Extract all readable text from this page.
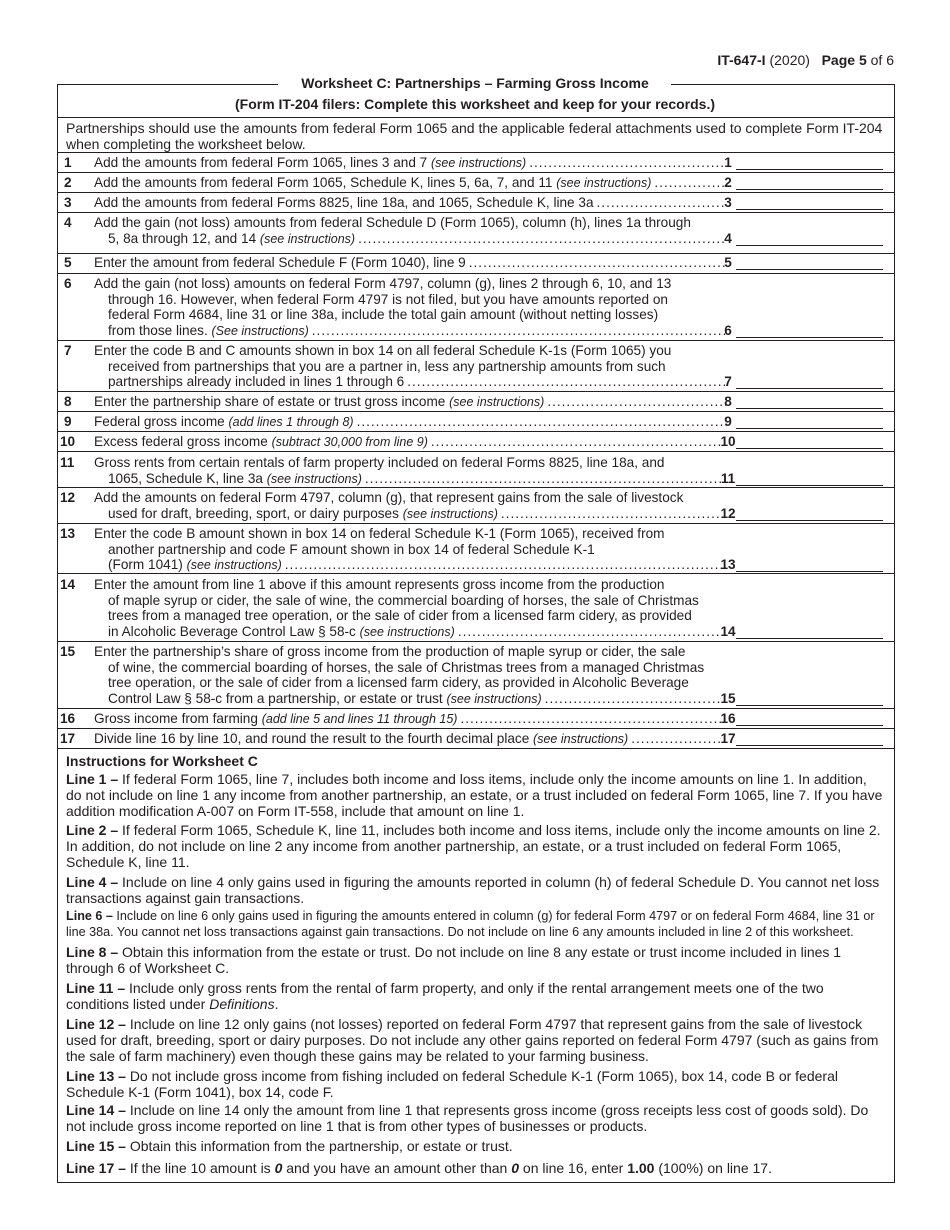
IT-647-I (2020) Page 5 of 6
Worksheet C: Partnerships – Farming Gross Income
(Form IT-204 filers: Complete this worksheet and keep for your records.)
Partnerships should use the amounts from federal Form 1065 and the applicable federal attachments used to complete Form IT-204 when completing the worksheet below.
1	Add the amounts from federal Form 1065, lines 3 and 7 (see instructions) .....	1
2	Add the amounts from federal Form 1065, Schedule K, lines 5, 6a, 7, and 11 (see instructions) .....	2
3	Add the amounts from federal Forms 8825, line 18a, and 1065, Schedule K, line 3a .....	3
4	Add the gain (not loss) amounts from federal Schedule D (Form 1065), column (h), lines 1a through
5, 8a through 12, and 14 (see instructions) .....	4
5	Enter the amount from federal Schedule F (Form 1040), line 9 .....	5
6	Add the gain (not loss) amounts on federal Form 4797, column (g), lines 2 through 6, 10, and 13
through 16. However, when federal Form 4797 is not filed, but you have amounts reported on
federal Form 4684, line 31 or line 38a, include the total gain amount (without netting losses)
from those lines. (See instructions) .....	6
7	Enter the code B and C amounts shown in box 14 on all federal Schedule K-1s (Form 1065) you
received from partnerships that you are a partner in, less any partnership amounts from such
partnerships already included in lines 1 through 6 .....	7
8	Enter the partnership share of estate or trust gross income (see instructions) .....	8
9	Federal gross income (add lines 1 through 8) .....	9
10	Excess federal gross income (subtract 30,000 from line 9) .....	10
11	Gross rents from certain rentals of farm property included on federal Forms 8825, line 18a, and
1065, Schedule K, line 3a (see instructions) .....	11
12	Add the amounts on federal Form 4797, column (g), that represent gains from the sale of livestock
used for draft, breeding, sport, or dairy purposes (see instructions) .....	12
13	Enter the code B amount shown in box 14 on federal Schedule K-1 (Form 1065), received from
another partnership and code F amount shown in box 14 of federal Schedule K-1
(Form 1041) (see instructions) .....	13
14	Enter the amount from line 1 above if this amount represents gross income from the production
of maple syrup or cider, the sale of wine, the commercial boarding of horses, the sale of Christmas
trees from a managed tree operation, or the sale of cider from a licensed farm cidery, as provided
in Alcoholic Beverage Control Law § 58-c (see instructions) .....	14
15	Enter the partnership’s share of gross income from the production of maple syrup or cider, the sale
of wine, the commercial boarding of horses, the sale of Christmas trees from a managed Christmas
tree operation, or the sale of cider from a licensed farm cidery, as provided in Alcoholic Beverage
Control Law § 58-c from a partnership, or estate or trust (see instructions) .....	15
16	Gross income from farming (add line 5 and lines 11 through 15) .....	16
17	Divide line 16 by line 10, and round the result to the fourth decimal place (see instructions) .....	17
Instructions for Worksheet C
Line 1 – If federal Form 1065, line 7, includes both income and loss items, include only the income amounts on line 1. In addition, do not include on line 1 any income from another partnership, an estate, or a trust included on federal Form 1065, line 7. If you have addition modification A-007 on Form IT-558, include that amount on line 1.
Line 2 – If federal Form 1065, Schedule K, line 11, includes both income and loss items, include only the income amounts on line 2. In addition, do not include on line 2 any income from another partnership, an estate, or a trust included on federal Form 1065, Schedule K, line 11.
Line 4 – Include on line 4 only gains used in figuring the amounts reported in column (h) of federal Schedule D. You cannot net loss transactions against gain transactions.
Line 6 – Include on line 6 only gains used in figuring the amounts entered in column (g) for federal Form 4797 or on federal Form 4684, line 31 or line 38a. You cannot net loss transactions against gain transactions. Do not include on line 6 any amounts included in line 2 of this worksheet.
Line 8 – Obtain this information from the estate or trust. Do not include on line 8 any estate or trust income included in lines 1 through 6 of Worksheet C.
Line 11 – Include only gross rents from the rental of farm property, and only if the rental arrangement meets one of the two conditions listed under Definitions.
Line 12 – Include on line 12 only gains (not losses) reported on federal Form 4797 that represent gains from the sale of livestock used for draft, breeding, sport or dairy purposes. Do not include any other gains reported on federal Form 4797 (such as gains from the sale of farm machinery) even though these gains may be related to your farming business.
Line 13 – Do not include gross income from fishing included on federal Schedule K-1 (Form 1065), box 14, code B or federal Schedule K-1 (Form 1041), box 14, code F.
Line 14 – Include on line 14 only the amount from line 1 that represents gross income (gross receipts less cost of goods sold). Do not include gross income reported on line 1 that is from other types of businesses or products.
Line 15 – Obtain this information from the partnership, or estate or trust.
Line 17 – If the line 10 amount is 0 and you have an amount other than 0 on line 16, enter 1.00 (100%) on line 17.
